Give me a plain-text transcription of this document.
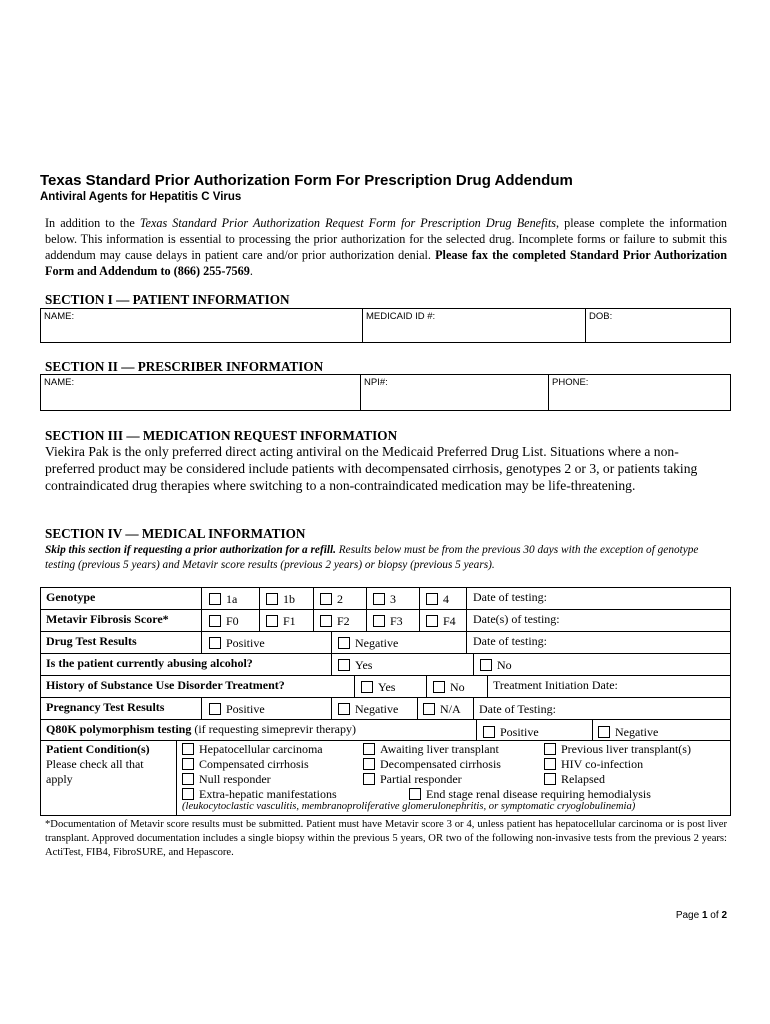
Texas Standard Prior Authorization Form For Prescription Drug Addendum
Antiviral Agents for Hepatitis C Virus
In addition to the Texas Standard Prior Authorization Request Form for Prescription Drug Benefits, please complete the information below. This information is essential to processing the prior authorization for the selected drug. Incomplete forms or failure to submit this addendum may cause delays in patient care and/or prior authorization denial. Please fax the completed Standard Prior Authorization Form and Addendum to (866) 255-7569.
SECTION I — PATIENT INFORMATION
NAME:	MEDICAID ID #:	DOB:
SECTION II — PRESCRIBER INFORMATION
NAME:	NPI#:	PHONE:
SECTION III — MEDICATION REQUEST INFORMATION
Viekira Pak is the only preferred direct acting antiviral on the Medicaid Preferred Drug List. Situations where a non-preferred product may be considered include patients with decompensated cirrhosis, genotypes 2 or 3, or patients taking contraindicated drug therapies where switching to a non-contraindicated medication may be life-threatening.
SECTION IV — MEDICAL INFORMATION
Skip this section if requesting a prior authorization for a refill. Results below must be from the previous 30 days with the exception of genotype testing (previous 5 years) and Metavir score results (previous 2 years) or biopsy (previous 5 years).
Genotype	1a	1b	2	3	4 Date of testing:
Metavir Fibrosis Score*	F0	F1	F2	F3	F4 Date(s) of testing:
Drug Test Results	Positive	Negative	Date of testing:
Is the patient currently abusing alcohol?	Yes	No
History of Substance Use Disorder Treatment?	Yes	No Treatment Initiation Date:
Pregnancy Test Results	Positive	Negative	N/A Date of Testing:
Q80K polymorphism testing (if requesting simeprevir therapy)	Positive	Negative
Patient Condition(s)
Please check all that
apply
Hepatocellular carcinoma
Compensated cirrhosis
Null responder
Extra-hepatic manifestations
Awaiting liver transplant
Decompensated cirrhosis
Partial responder
End stage renal disease requiring hemodialysis
Previous liver transplant(s)
HIV co-infection
Relapsed
(leukocytoclastic vasculitis, membranoproliferative glomerulonephritis, or symptomatic cryoglobulinemia)
*Documentation of Metavir score results must be submitted. Patient must have Metavir score 3 or 4, unless patient has hepatocellular carcinoma or is post liver transplant. Approved documentation includes a single biopsy within the previous 5 years, OR two of the following non-invasive tests from the previous 2 years: ActiTest, FIB4, FibroSURE, and Hepascore.
Page 1 of 2
